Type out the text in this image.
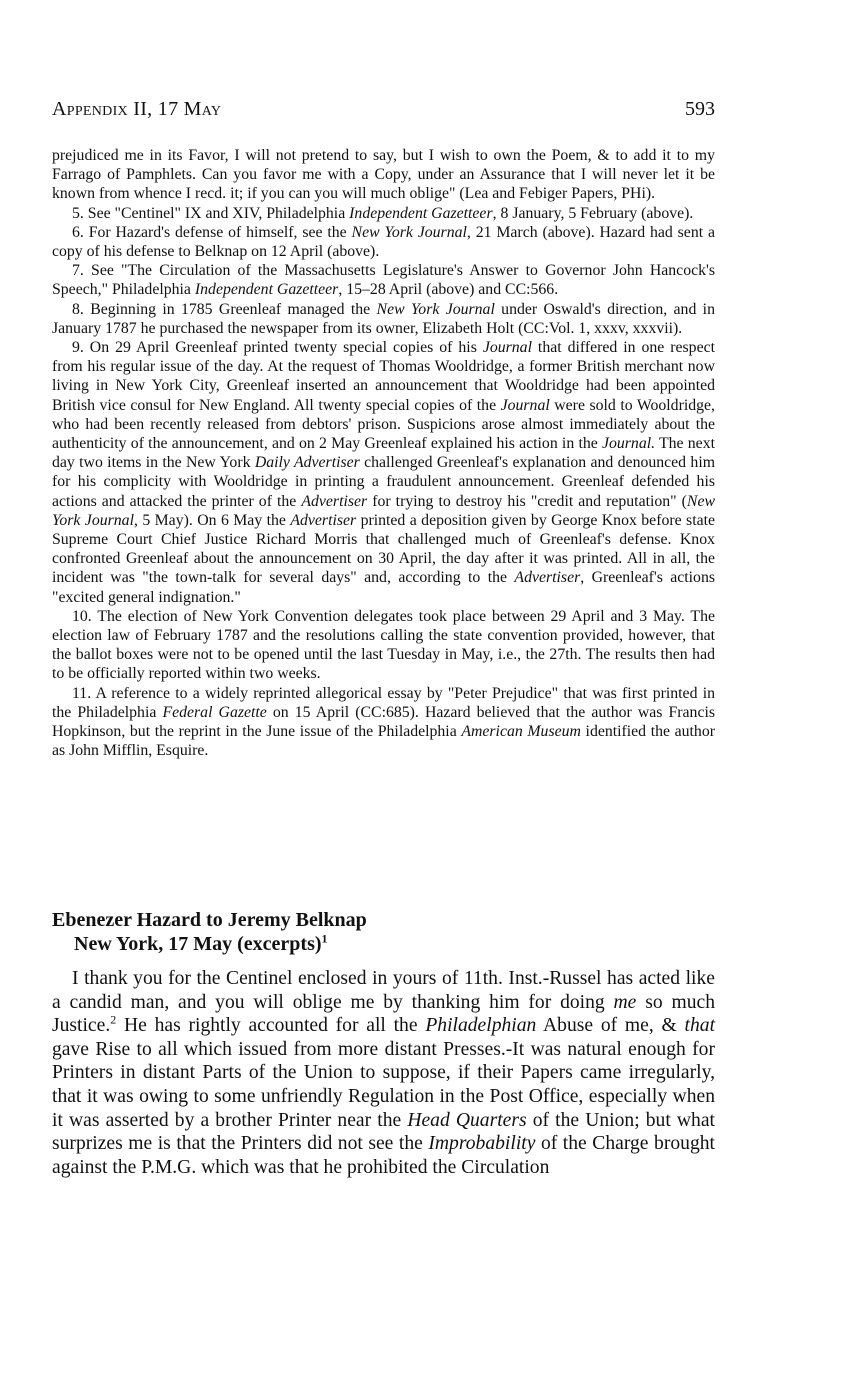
Appendix II, 17 May	593

prejudiced me in its Favor, I will not pretend to say, but I wish to own the Poem, & to add it to my Farrago of Pamphlets. Can you favor me with a Copy, under an Assurance that I will never let it be known from whence I recd. it; if you can you will much oblige" (Lea and Febiger Papers, PHi).

5. See "Centinel" IX and XIV, Philadelphia Independent Gazetteer, 8 January, 5 February (above).

6. For Hazard's defense of himself, see the New York Journal, 21 March (above). Hazard had sent a copy of his defense to Belknap on 12 April (above).

7. See "The Circulation of the Massachusetts Legislature's Answer to Governor John Hancock's Speech," Philadelphia Independent Gazetteer, 15–28 April (above) and CC:566.

8. Beginning in 1785 Greenleaf managed the New York Journal under Oswald's direction, and in January 1787 he purchased the newspaper from its owner, Elizabeth Holt (CC:Vol. 1, xxxv, xxxvii).

9. On 29 April Greenleaf printed twenty special copies of his Journal that differed in one respect from his regular issue of the day. At the request of Thomas Wooldridge, a former British merchant now living in New York City, Greenleaf inserted an announcement that Wooldridge had been appointed British vice consul for New England. All twenty special copies of the Journal were sold to Wooldridge, who had been recently released from debtors' prison. Suspicions arose almost immediately about the authenticity of the announcement, and on 2 May Greenleaf explained his action in the Journal. The next day two items in the New York Daily Advertiser challenged Greenleaf's explanation and denounced him for his complicity with Wooldridge in printing a fraudulent announcement. Greenleaf defended his actions and attacked the printer of the Advertiser for trying to destroy his "credit and reputation" (New York Journal, 5 May). On 6 May the Advertiser printed a deposition given by George Knox before state Supreme Court Chief Justice Richard Morris that challenged much of Greenleaf's defense. Knox confronted Greenleaf about the announcement on 30 April, the day after it was printed. All in all, the incident was "the town-talk for several days" and, according to the Advertiser, Greenleaf's actions "excited general indignation."

10. The election of New York Convention delegates took place between 29 April and 3 May. The election law of February 1787 and the resolutions calling the state convention provided, however, that the ballot boxes were not to be opened until the last Tuesday in May, i.e., the 27th. The results then had to be officially reported within two weeks.

11. A reference to a widely reprinted allegorical essay by "Peter Prejudice" that was first printed in the Philadelphia Federal Gazette on 15 April (CC:685). Hazard believed that the author was Francis Hopkinson, but the reprint in the June issue of the Philadelphia American Museum identified the author as John Mifflin, Esquire.

Ebenezer Hazard to Jeremy Belknap
New York, 17 May (excerpts)$^1$

I thank you for the Centinel enclosed in yours of 11th. Inst.-Russel has acted like a candid man, and you will oblige me by thanking him for doing me so much Justice.$^2$ He has rightly accounted for all the Philadelphian Abuse of me, & that gave Rise to all which issued from more distant Presses.-It was natural enough for Printers in distant Parts of the Union to suppose, if their Papers came irregularly, that it was owing to some unfriendly Regulation in the Post Office, especially when it was asserted by a brother Printer near the Head Quarters of the Union; but what surprizes me is that the Printers did not see the Improbability of the Charge brought against the P.M.G. which was that he prohibited the Circulation
